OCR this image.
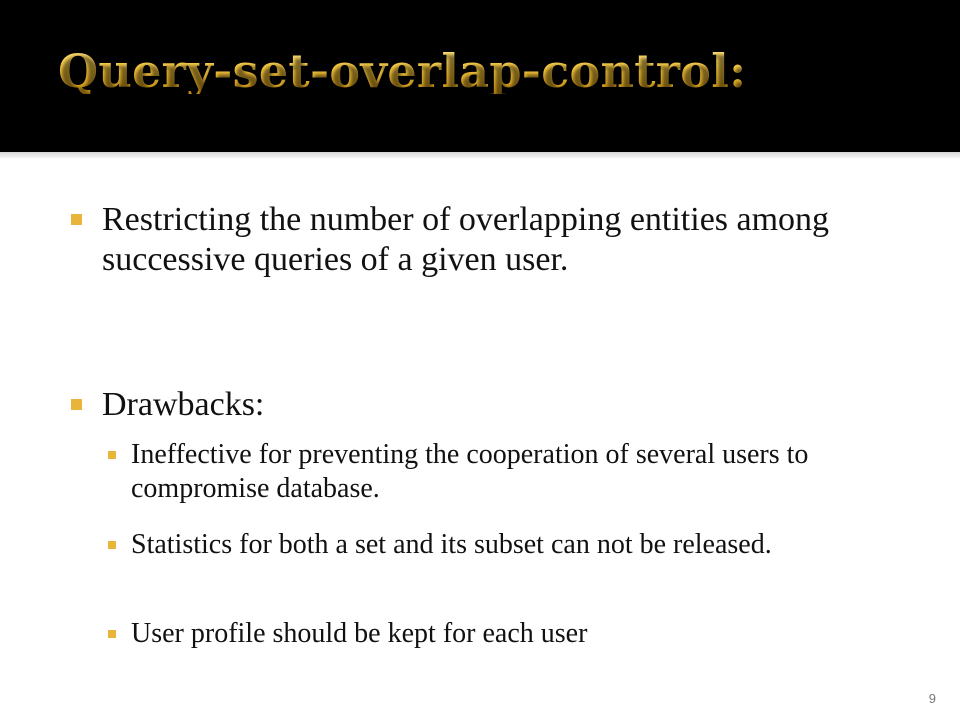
Query-set-overlap-control:
Restricting the number of overlapping entities among successive queries of a given user.
Drawbacks:
Ineffective for preventing the cooperation of several users to compromise database.
Statistics for both a set and its subset can not be released.
User profile should be kept for each user
9
